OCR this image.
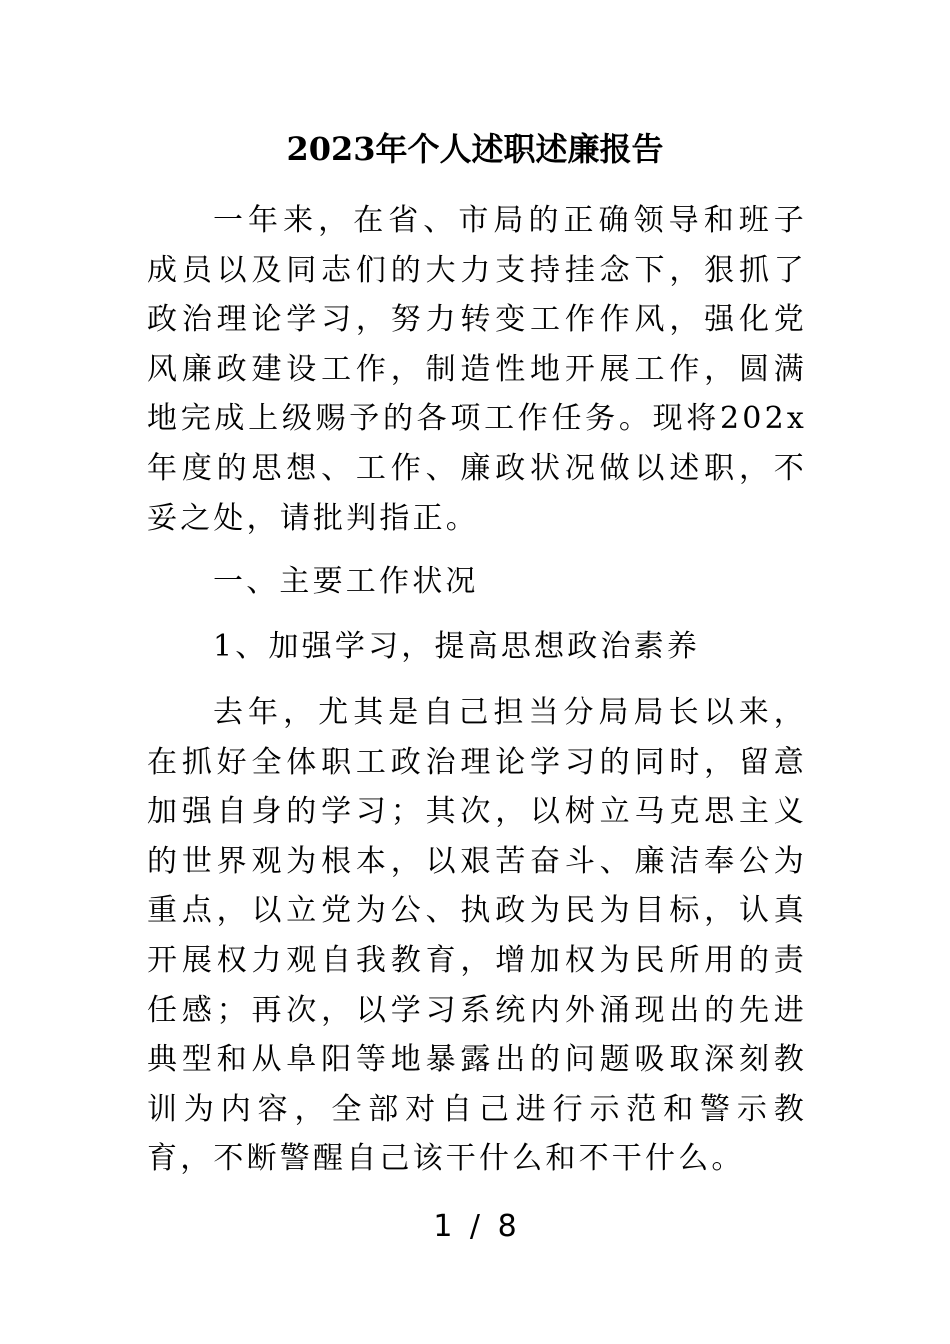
2023年个人述职述廉报告
一年来，在省、市局的正确领导和班子成员以及同志们的大力支持挂念下，狠抓了政治理论学习，努力转变工作作风，强化党风廉政建设工作，制造性地开展工作，圆满地完成上级赐予的各项工作任务。现将202x年度的思想、工作、廉政状况做以述职，不妥之处，请批判指正。
一、主要工作状况
1、加强学习，提高思想政治素养
去年，尤其是自己担当分局局长以来，在抓好全体职工政治理论学习的同时，留意加强自身的学习；其次，以树立马克思主义的世界观为根本，以艰苦奋斗、廉洁奉公为重点，以立党为公、执政为民为目标，认真开展权力观自我教育，增加权为民所用的责任感；再次，以学习系统内外涌现出的先进典型和从阜阳等地暴露出的问题吸取深刻教训为内容，全部对自己进行示范和警示教育，不断警醒自己该干什么和不干什么。
1 / 8
